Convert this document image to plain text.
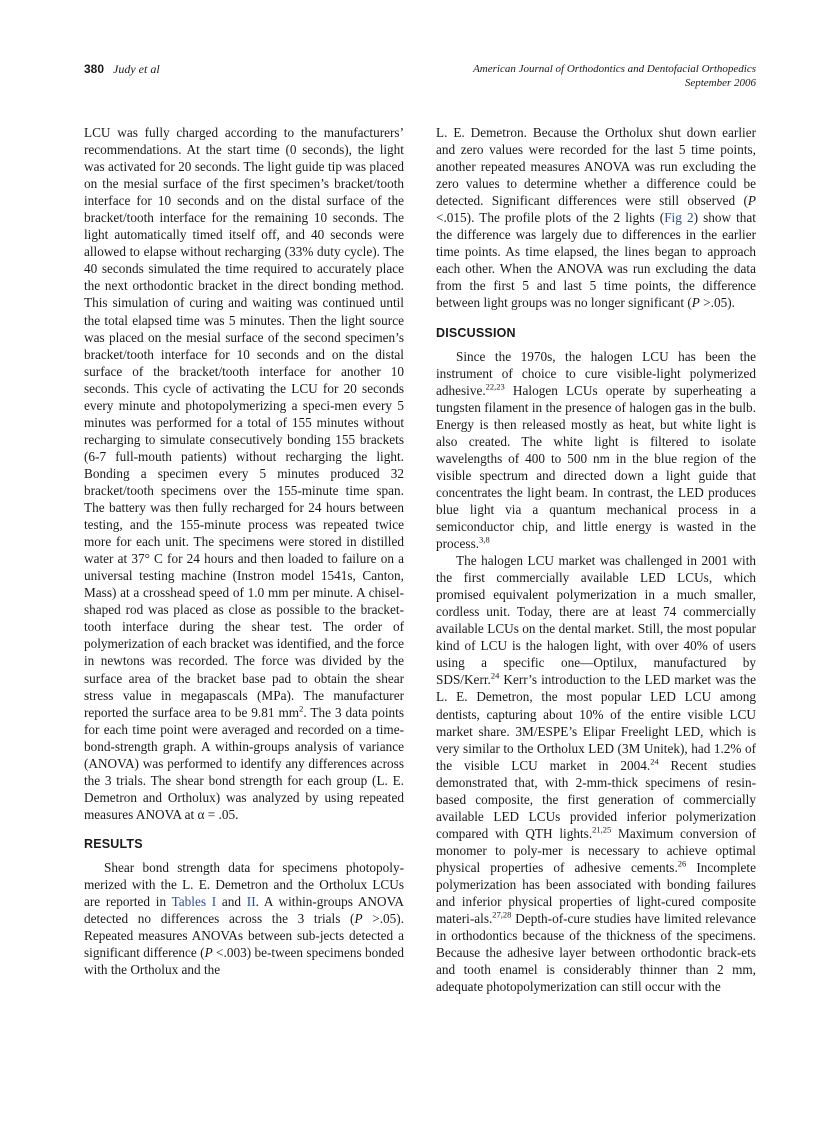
380 Judy et al	American Journal of Orthodontics and Dentofacial Orthopedics
September 2006

LCU was fully charged according to the manufacturers’ recommendations. At the start time (0 seconds), the light was activated for 20 seconds. The light guide tip was placed on the mesial surface of the first specimen’s bracket/tooth interface for 10 seconds and on the distal surface of the bracket/tooth interface for the remaining 10 seconds. The light automatically timed itself off, and 40 seconds were allowed to elapse without recharging (33% duty cycle). The 40 seconds simulated the time required to accurately place the next orthodontic bracket in the direct bonding method. This simulation of curing and waiting was continued until the total elapsed time was 5 minutes. Then the light source was placed on the mesial surface of the second specimen’s bracket/tooth interface for 10 seconds and on the distal surface of the bracket/tooth interface for another 10 seconds. This cycle of activating the LCU for 20 seconds every minute and photopolymerizing a speci-men every 5 minutes was performed for a total of 155 minutes without recharging to simulate consecutively bonding 155 brackets (6-7 full-mouth patients) without recharging the light. Bonding a specimen every 5 minutes produced 32 bracket/tooth specimens over the 155-minute time span. The battery was then fully recharged for 24 hours between testing, and the 155-minute process was repeated twice more for each unit. The specimens were stored in distilled water at 37° C for 24 hours and then loaded to failure on a universal testing machine (Instron model 1541s, Canton, Mass) at a crosshead speed of 1.0 mm per minute. A chisel-shaped rod was placed as close as possible to the bracket-tooth interface during the shear test. The order of polymerization of each bracket was identified, and the force in newtons was recorded. The force was divided by the surface area of the bracket base pad to obtain the shear stress value in megapascals (MPa). The manufacturer reported the surface area to be 9.81 $mm^2$. The 3 data points for each time point were averaged and recorded on a time- bond-strength graph. A within-groups analysis of variance (ANOVA) was performed to identify any differences across the 3 trials. The shear bond strength for each group (L. E. Demetron and Ortholux) was analyzed by using repeated measures ANOVA at α = .05.

RESULTS

Shear bond strength data for specimens photopoly-merized with the L. E. Demetron and the Ortholux LCUs are reported in Tables I and II. A within-groups ANOVA detected no differences across the 3 trials (P >.05). Repeated measures ANOVAs between sub-jects detected a significant difference (P <.003) be-tween specimens bonded with the Ortholux and the

L. E. Demetron. Because the Ortholux shut down earlier and zero values were recorded for the last 5 time points, another repeated measures ANOVA was run excluding the zero values to determine whether a difference could be detected. Significant differences were still observed (P <.015). The profile plots of the 2 lights (Fig 2) show that the difference was largely due to differences in the earlier time points. As time elapsed, the lines began to approach each other. When the ANOVA was run excluding the data from the first 5 and last 5 time points, the difference between light groups was no longer significant (P >.05).

DISCUSSION

Since the 1970s, the halogen LCU has been the instrument of choice to cure visible-light polymerized adhesive.$^{22,23}$ Halogen LCUs operate by superheating a tungsten filament in the presence of halogen gas in the bulb. Energy is then released mostly as heat, but white light is also created. The white light is filtered to isolate wavelengths of 400 to 500 nm in the blue region of the visible spectrum and directed down a light guide that concentrates the light beam. In contrast, the LED produces blue light via a quantum mechanical process in a semiconductor chip, and little energy is wasted in the process.$^{3,8}$

The halogen LCU market was challenged in 2001 with the first commercially available LED LCUs, which promised equivalent polymerization in a much smaller, cordless unit. Today, there are at least 74 commercially available LCUs on the dental market. Still, the most popular kind of LCU is the halogen light, with over 40% of users using a specific one—Optilux, manufactured by SDS/Kerr.$^{24}$ Kerr’s introduction to the LED market was the L. E. Demetron, the most popular LED LCU among dentists, capturing about 10% of the entire visible LCU market share. 3M/ESPE’s Elipar Freelight LED, which is very similar to the Ortholux LED (3M Unitek), had 1.2% of the visible LCU market in 2004.24 Recent studies demonstrated that, with 2-mm-thick specimens of resin-based composite, the first generation of commercially available LED LCUs provided inferior polymerization compared with QTH lights.$^{21,25}$ Maximum conversion of monomer to poly-mer is necessary to achieve optimal physical properties of adhesive cements.$^{26}$ Incomplete polymerization has been associated with bonding failures and inferior physical properties of light-cured composite materi-als.$^{27,28}$ Depth-of-cure studies have limited relevance in orthodontics because of the thickness of the specimens. Because the adhesive layer between orthodontic brack-ets and tooth enamel is considerably thinner than 2 mm, adequate photopolymerization can still occur with the
